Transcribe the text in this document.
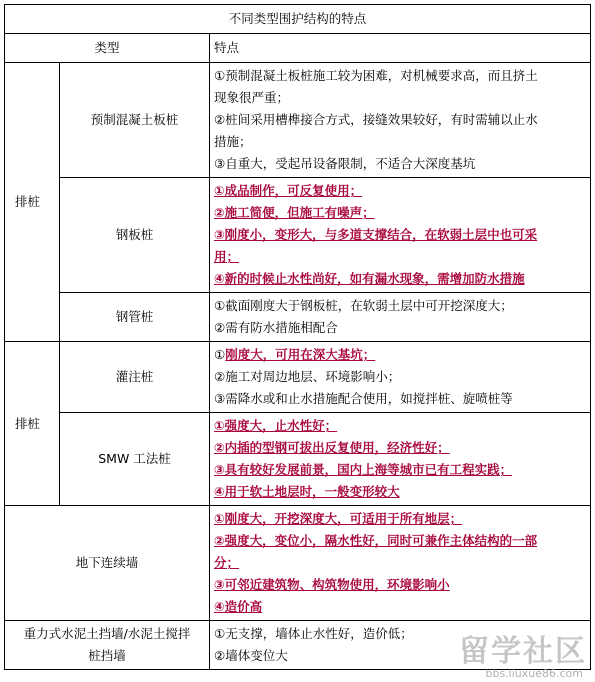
不同类型围护结构的特点		
类型		特点
排桩	预制混凝土板桩	①预制混凝土板桩施工较为困难，对机械要求高，而且挤土
现象很严重；
②桩间采用槽榫接合方式，接缝效果较好，有时需辅以止水
措施；
③自重大，受起吊设备限制，不适合大深度基坑

	钢板桩	①成品制作，可反复使用；
②施工简便，但施工有噪声；
③刚度小，变形大，与多道支撑结合，在软弱土层中也可采
用；
④新的时候止水性尚好，如有漏水现象，需增加防水措施

	钢管桩	①截面刚度大于钢板桩，在软弱土层中可开挖深度大；
②需有防水措施相配合

排桩	灌注桩	①刚度大，可用在深大基坑；
②施工对周边地层、环境影响小；
③需降水或和止水措施配合使用，如搅拌桩、旋喷桩等

	SMW 工法桩	①强度大，止水性好；
②内插的型钢可拔出反复使用，经济性好；
③具有较好发展前景，国内上海等城市已有工程实践；
④用于软土地层时，一般变形较大

地下连续墙		①刚度大，开挖深度大，可适用于所有地层；
②强度大，变位小，隔水性好，同时可兼作主体结构的一部
分；
③可邻近建筑物、构筑物使用，环境影响小
④造价高

重力式水泥土挡墙/水泥土搅拌
桩挡墙		①无支撑，墙体止水性好，造价低；
②墙体变位大	留学社区
bbs.liuxue86.com
